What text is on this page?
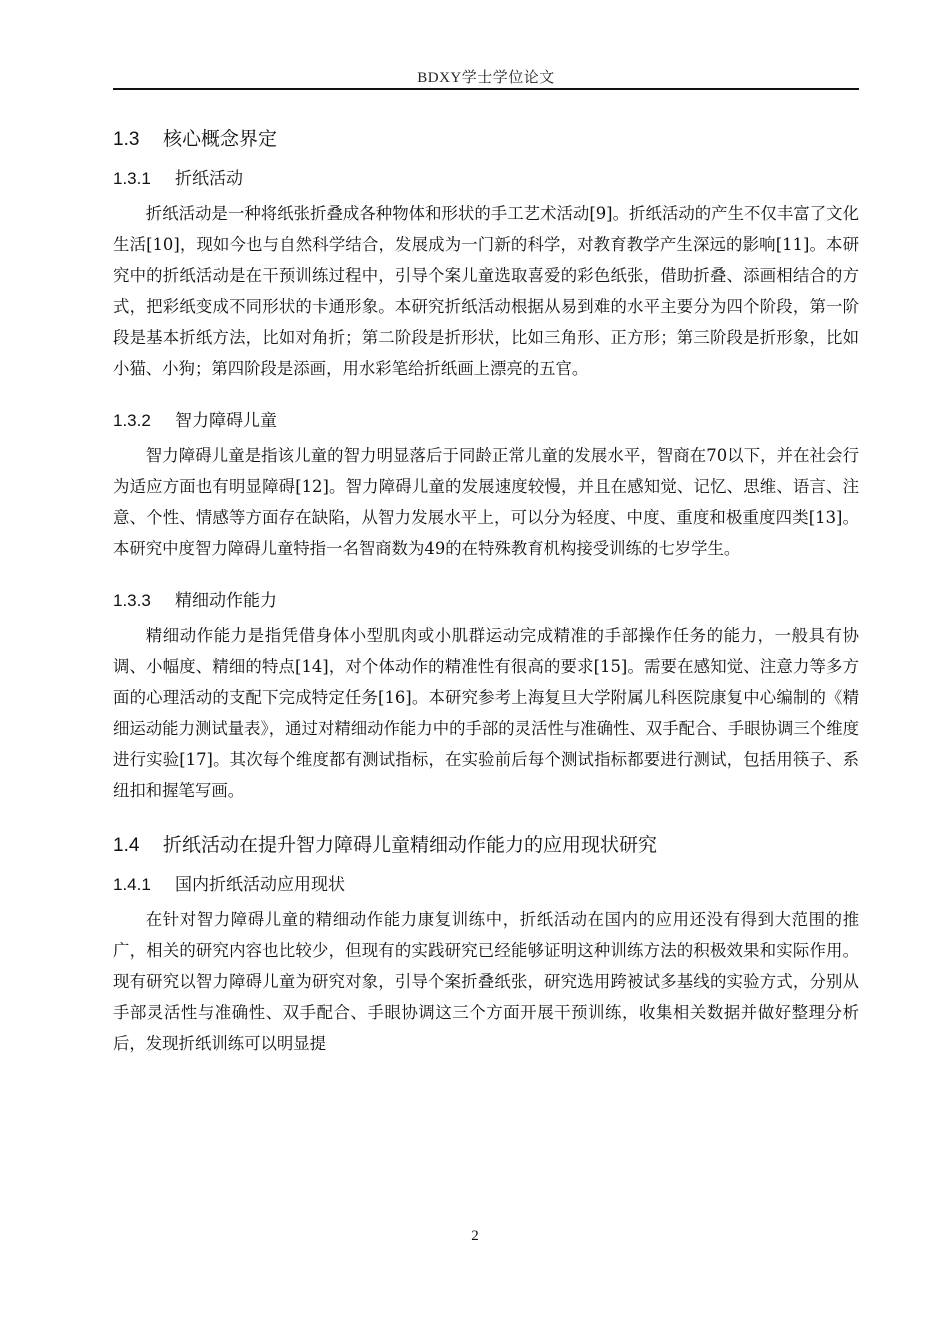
BDXY学士学位论文
1.3 核心概念界定
1.3.1 折纸活动

折纸活动是一种将纸张折叠成各种物体和形状的手工艺术活动[9]。折纸活动的产生不仅丰富了文化生活[10]，现如今也与自然科学结合，发展成为一门新的科学，对教育教学产生深远的影响[11]。本研究中的折纸活动是在干预训练过程中，引导个案儿童选取喜爱的彩色纸张，借助折叠、添画相结合的方式，把彩纸变成不同形状的卡通形象。本研究折纸活动根据从易到难的水平主要分为四个阶段，第一阶段是基本折纸方法，比如对角折；第二阶段是折形状，比如三角形、正方形；第三阶段是折形象，比如小猫、小狗；第四阶段是添画，用水彩笔给折纸画上漂亮的五官。

1.3.2 智力障碍儿童

智力障碍儿童是指该儿童的智力明显落后于同龄正常儿童的发展水平，智商在70以下，并在社会行为适应方面也有明显障碍[12]。智力障碍儿童的发展速度较慢，并且在感知觉、记忆、思维、语言、注意、个性、情感等方面存在缺陷，从智力发展水平上，可以分为轻度、中度、重度和极重度四类[13]。本研究中度智力障碍儿童特指一名智商数为49的在特殊教育机构接受训练的七岁学生。

1.3.3 精细动作能力

精细动作能力是指凭借身体小型肌肉或小肌群运动完成精准的手部操作任务的能力，一般具有协调、小幅度、精细的特点[14]，对个体动作的精准性有很高的要求[15]。需要在感知觉、注意力等多方面的心理活动的支配下完成特定任务[16]。本研究参考上海复旦大学附属儿科医院康复中心编制的《精细运动能力测试量表》，通过对精细动作能力中的手部的灵活性与准确性、双手配合、手眼协调三个维度进行实验[17]。其次每个维度都有测试指标，在实验前后每个测试指标都要进行测试，包括用筷子、系纽扣和握笔写画。

1.4 折纸活动在提升智力障碍儿童精细动作能力的应用现状研究
1.4.1 国内折纸活动应用现状

在针对智力障碍儿童的精细动作能力康复训练中，折纸活动在国内的应用还没有得到大范围的推广，相关的研究内容也比较少，但现有的实践研究已经能够证明这种训练方法的积极效果和实际作用。现有研究以智力障碍儿童为研究对象，引导个案折叠纸张，研究选用跨被试多基线的实验方式，分别从手部灵活性与准确性、双手配合、手眼协调这三个方面开展干预训练，收集相关数据并做好整理分析后，发现折纸训练可以明显提

2
